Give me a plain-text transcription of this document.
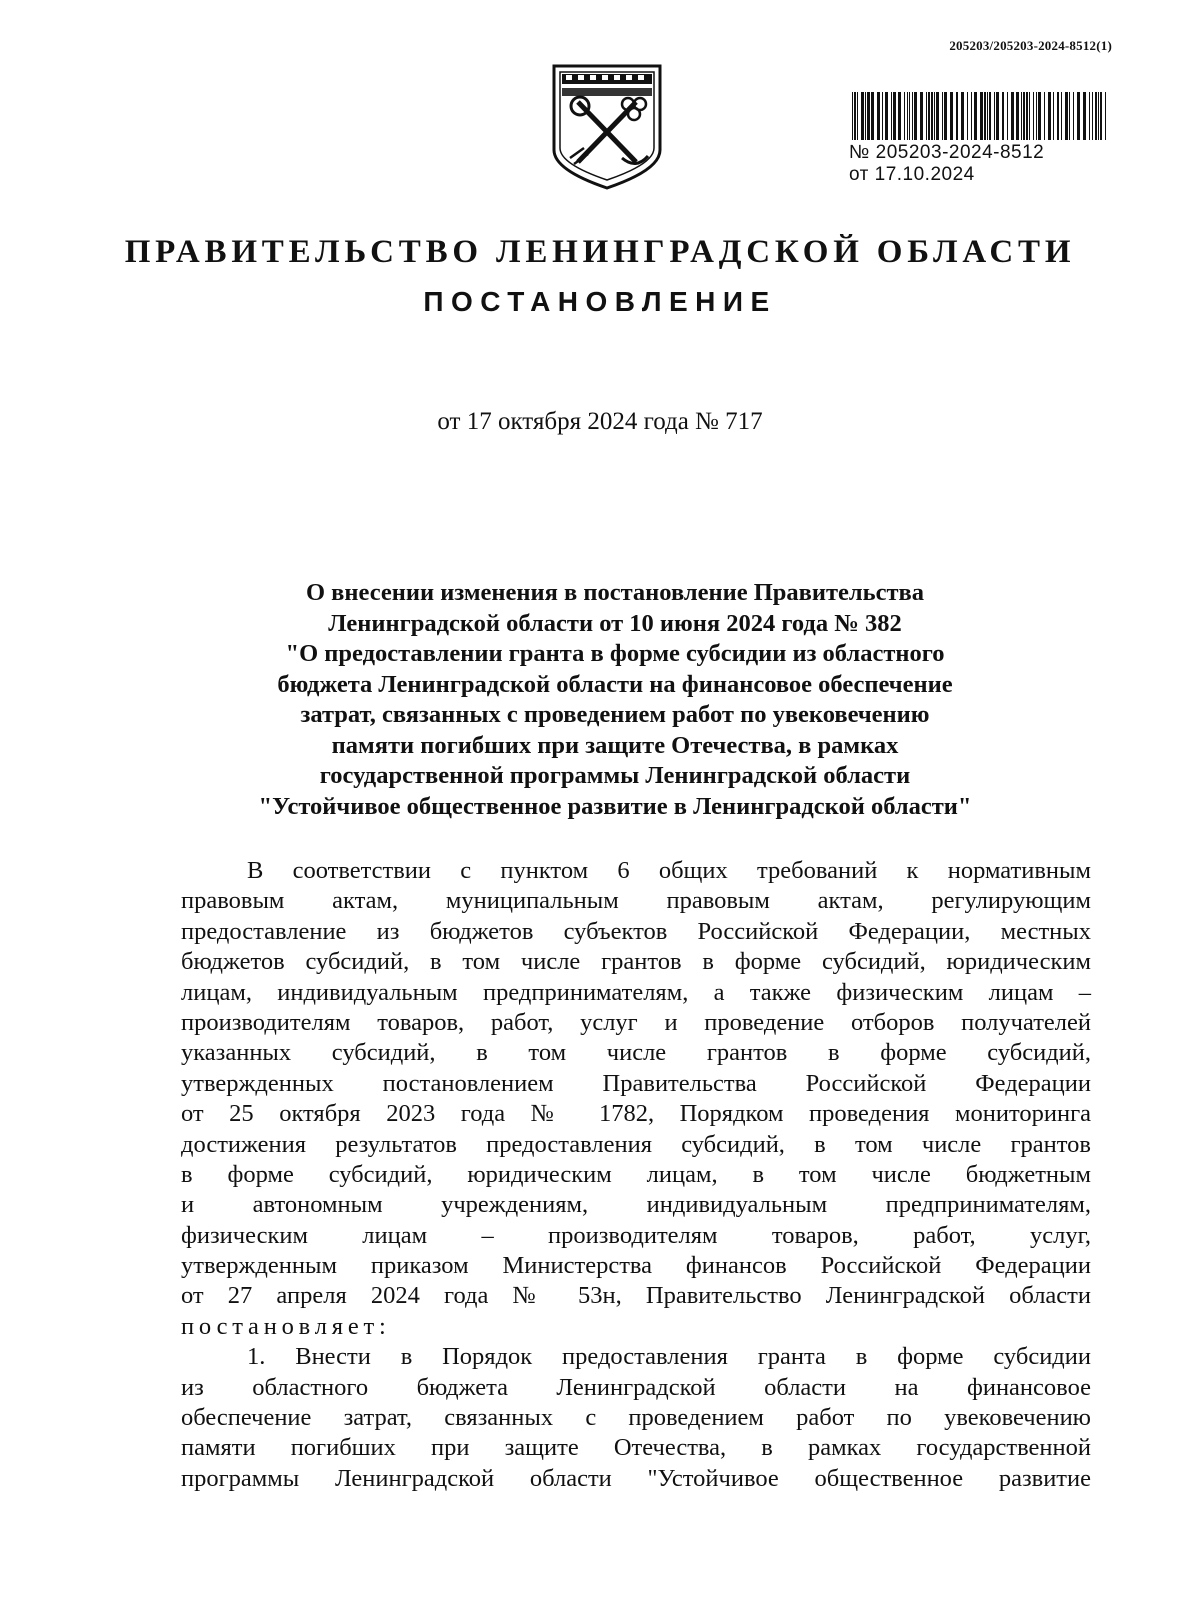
205203/205203-2024-8512(1)
№ 205203-2024-8512
от 17.10.2024
ПРАВИТЕЛЬСТВО ЛЕНИНГРАДСКОЙ ОБЛАСТИ
ПОСТАНОВЛЕНИЕ
от 17 октября 2024 года № 717
О внесении изменения в постановление Правительства
Ленинградской области от 10 июня 2024 года № 382
"О предоставлении гранта в форме субсидии из областного
бюджета Ленинградской области на финансовое обеспечение
затрат, связанных с проведением работ по увековечению
памяти погибших при защите Отечества, в рамках
государственной программы Ленинградской области
"Устойчивое общественное развитие в Ленинградской области"
В соответствии с пунктом 6 общих требований к нормативным
правовым актам, муниципальным правовым актам, регулирующим
предоставление из бюджетов субъектов Российской Федерации, местных
бюджетов субсидий, в том числе грантов в форме субсидий, юридическим
лицам, индивидуальным предпринимателям, а также физическим лицам –
производителям товаров, работ, услуг и проведение отборов получателей
указанных субсидий, в том числе грантов в форме субсидий,
утвержденных постановлением Правительства Российской Федерации
от 25 октября 2023 года № 1782, Порядком проведения мониторинга
достижения результатов предоставления субсидий, в том числе грантов
в форме субсидий, юридическим лицам, в том числе бюджетным
и автономным учреждениям, индивидуальным предпринимателям,
физическим лицам – производителям товаров, работ, услуг,
утвержденным приказом Министерства финансов Российской Федерации
от 27 апреля 2024 года № 53н, Правительство Ленинградской области
постановляет:
1. Внести в Порядок предоставления гранта в форме субсидии
из областного бюджета Ленинградской области на финансовое
обеспечение затрат, связанных с проведением работ по увековечению
памяти погибших при защите Отечества, в рамках государственной
программы Ленинградской области "Устойчивое общественное развитие
